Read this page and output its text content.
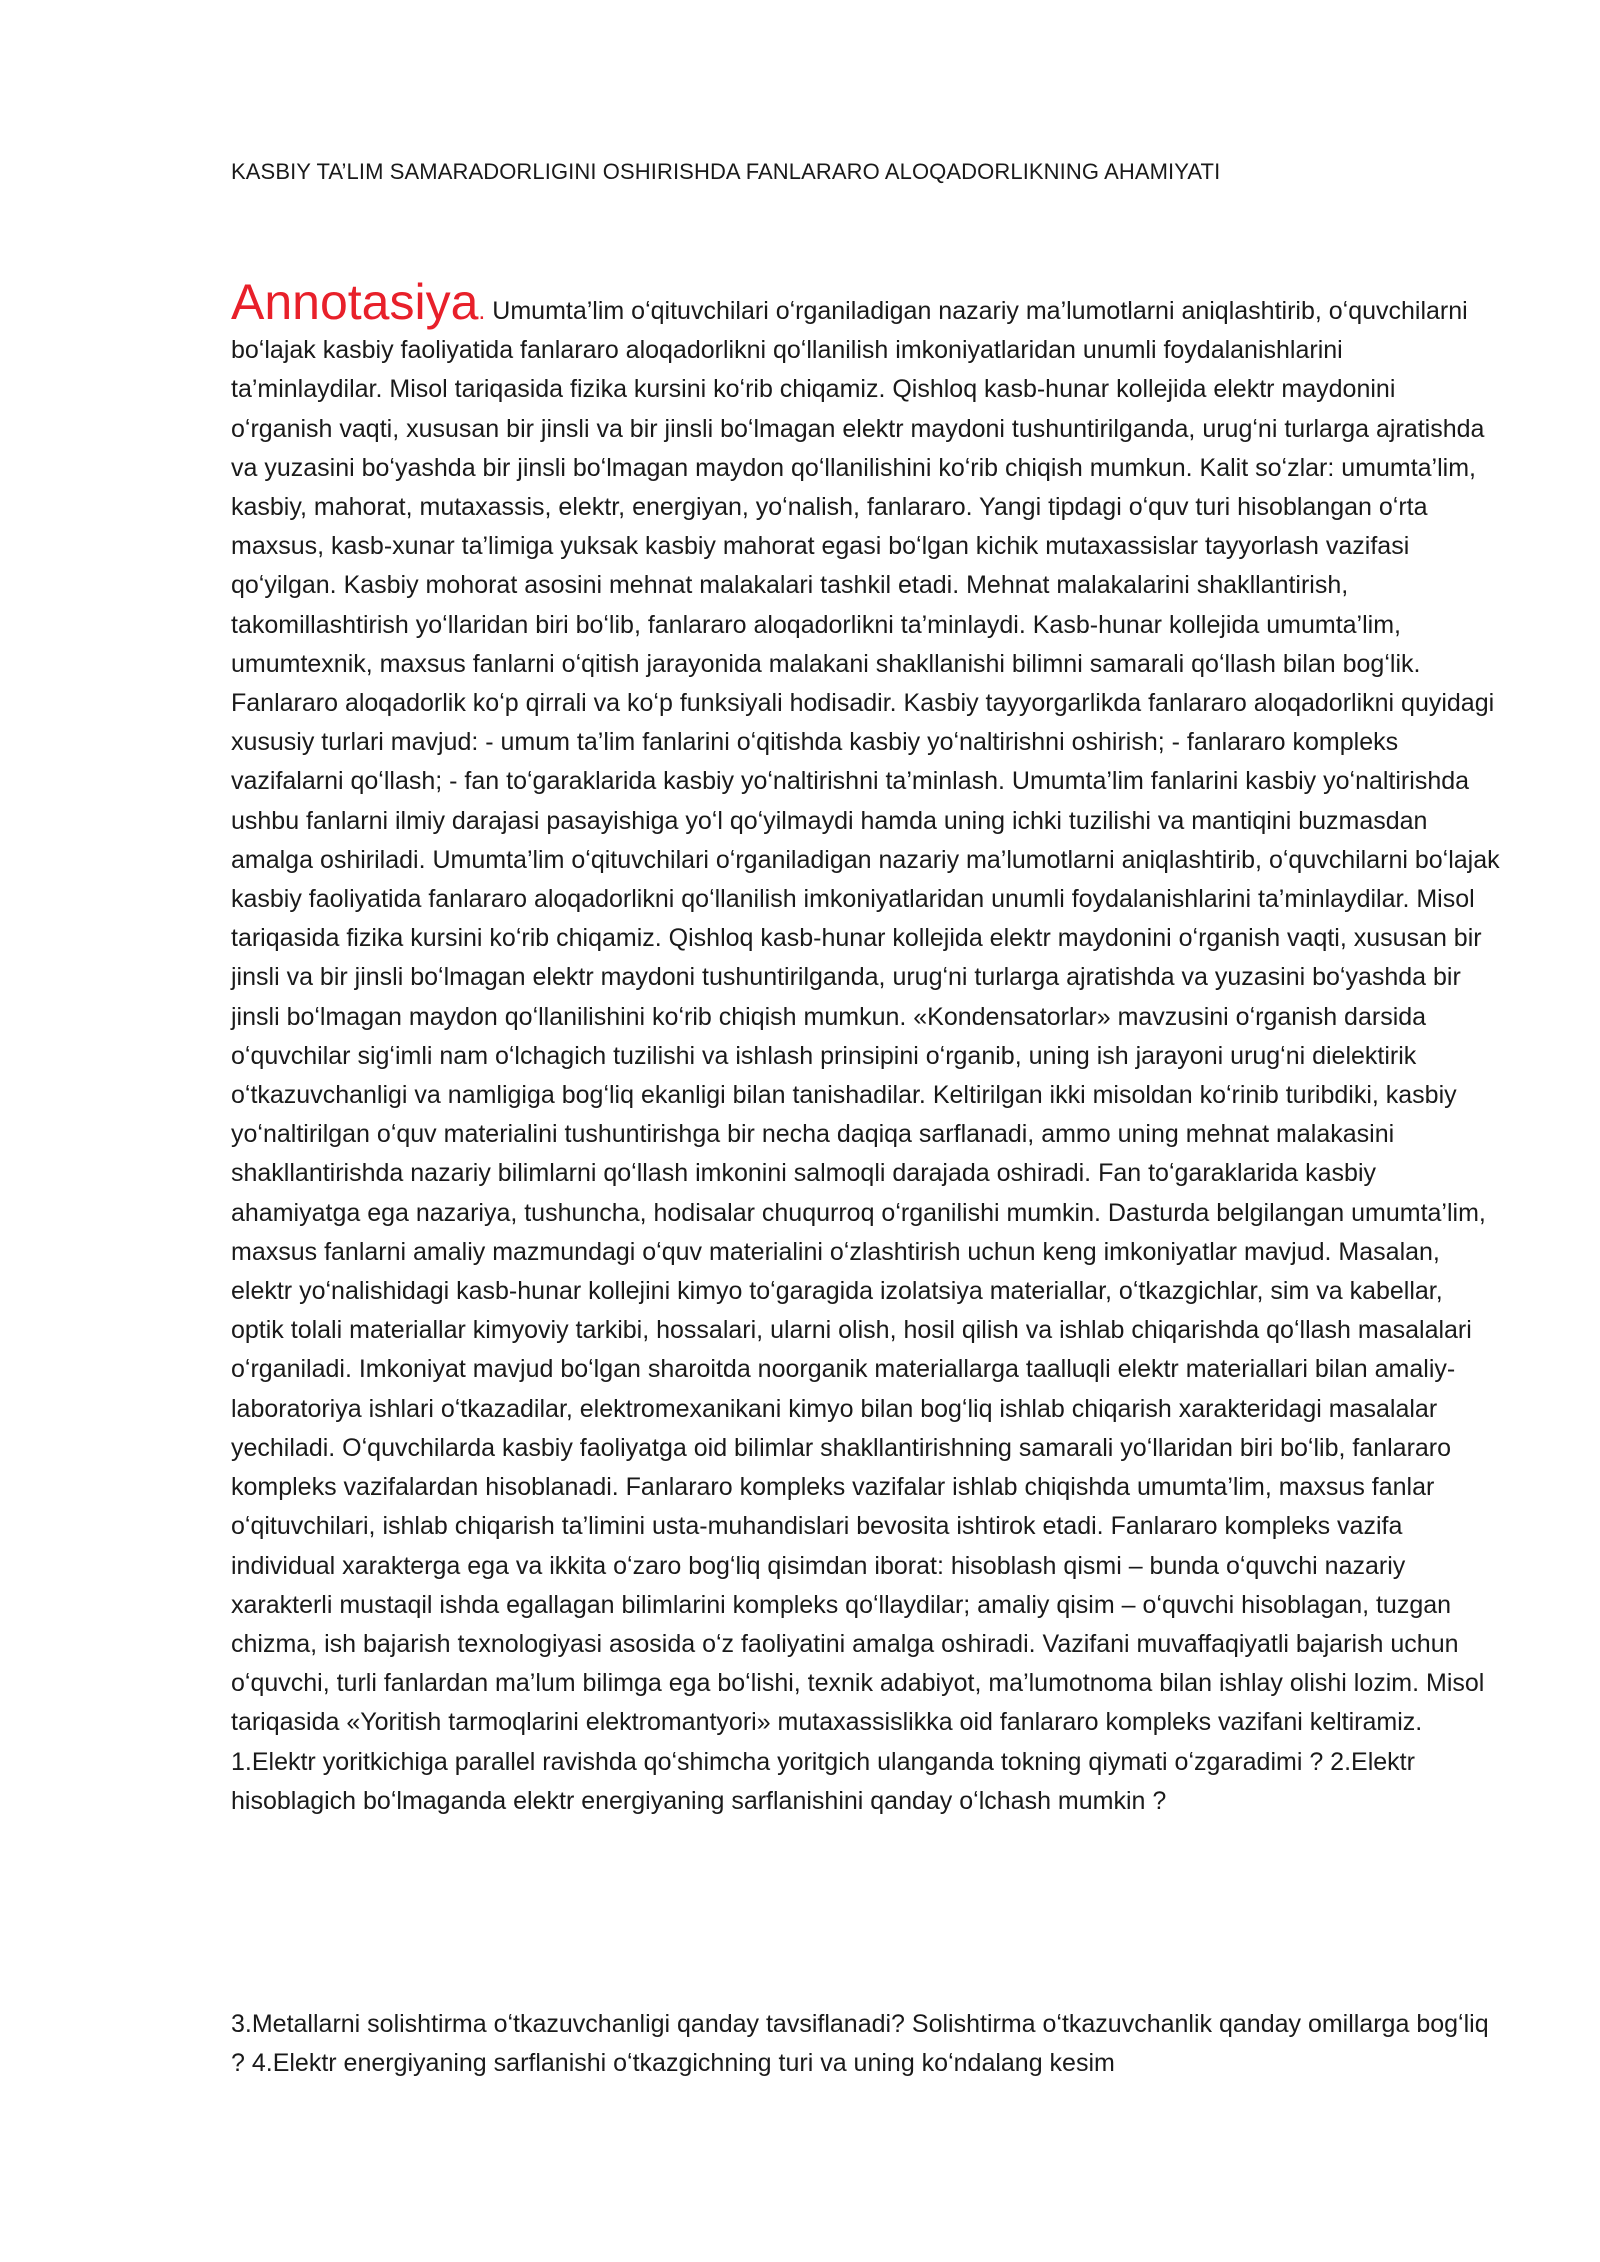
KASBIY TA’LIM SAMARADORLIGINI OSHIRISHDA FANLARARO ALOQADORLIKNING AHAMIYATI

Annotasiya. Umumta’lim oʻqituvchilari oʻrganiladigan nazariy ma’lumotlarni aniqlashtirib, oʻquvchilarni boʻlajak kasbiy faoliyatida fanlararo aloqadorlikni qoʻllanilish imkoniyatlaridan unumli foydalanishlarini ta’minlaydilar. Misol tariqasida fizika kursini koʻrib chiqamiz. Qishloq kasb-hunar kollejida elektr maydonini oʻrganish vaqti, xususan bir jinsli va bir jinsli boʻlmagan elektr maydoni tushuntirilganda, urugʻni turlarga ajratishda va yuzasini boʻyashda bir jinsli boʻlmagan maydon qoʻllanilishini koʻrib chiqish mumkun. Kalit soʻzlar: umumta’lim, kasbiy, mahorat, mutaxassis, elektr, energiyan, yoʻnalish, fanlararo. Yangi tipdagi oʻquv turi hisoblangan oʻrta maxsus, kasb-xunar ta’limiga yuksak kasbiy mahorat egasi boʻlgan kichik mutaxassislar tayyorlash vazifasi qoʻyilgan. Kasbiy mohorat asosini mehnat malakalari tashkil etadi. Mehnat malakalarini shakllantirish, takomillashtirish yoʻllaridan biri boʻlib, fanlararo aloqadorlikni ta’minlaydi. Kasb-hunar kollejida umumta’lim, umumtexnik, maxsus fanlarni oʻqitish jarayonida malakani shakllanishi bilimni samarali qoʻllash bilan bogʻlik. Fanlararo aloqadorlik koʻp qirrali va koʻp funksiyali hodisadir. Kasbiy tayyorgarlikda fanlararo aloqadorlikni quyidagi xususiy turlari mavjud: - umum ta’lim fanlarini oʻqitishda kasbiy yoʻnaltirishni oshirish; - fanlararo kompleks vazifalarni qoʻllash; - fan toʻgaraklarida kasbiy yoʻnaltirishni ta’minlash. Umumta’lim fanlarini kasbiy yoʻnaltirishda ushbu fanlarni ilmiy darajasi pasayishiga yoʻl qoʻyilmaydi hamda uning ichki tuzilishi va mantiqini buzmasdan amalga oshiriladi. Umumta’lim oʻqituvchilari oʻrganiladigan nazariy ma’lumotlarni aniqlashtirib, oʻquvchilarni boʻlajak kasbiy faoliyatida fanlararo aloqadorlikni qoʻllanilish imkoniyatlaridan unumli foydalanishlarini ta’minlaydilar. Misol tariqasida fizika kursini koʻrib chiqamiz. Qishloq kasb-hunar kollejida elektr maydonini oʻrganish vaqti, xususan bir jinsli va bir jinsli boʻlmagan elektr maydoni tushuntirilganda, urugʻni turlarga ajratishda va yuzasini boʻyashda bir jinsli boʻlmagan maydon qoʻllanilishini koʻrib chiqish mumkun. «Kondensatorlar» mavzusini oʻrganish darsida oʻquvchilar sigʻimli nam oʻlchagich tuzilishi va ishlash prinsipini oʻrganib, uning ish jarayoni urugʻni dielektirik oʻtkazuvchanligi va namligiga bogʻliq ekanligi bilan tanishadilar. Keltirilgan ikki misoldan koʻrinib turibdiki, kasbiy yoʻnaltirilgan oʻquv materialini tushuntirishga bir necha daqiqa sarflanadi, ammo uning mehnat malakasini shakllantirishda nazariy bilimlarni qoʻllash imkonini salmoqli darajada oshiradi. Fan toʻgaraklarida kasbiy ahamiyatga ega nazariya, tushuncha, hodisalar chuqurroq oʻrganilishi mumkin. Dasturda belgilangan umumta’lim, maxsus fanlarni amaliy mazmundagi oʻquv materialini oʻzlashtirish uchun keng imkoniyatlar mavjud. Masalan, elektr yoʻnalishidagi kasb-hunar kollejini kimyo toʻgaragida izolatsiya materiallar, oʻtkazgichlar, sim va kabellar, optik tolali materiallar kimyoviy tarkibi, hossalari, ularni olish, hosil qilish va ishlab chiqarishda qoʻllash masalalari oʻrganiladi. Imkoniyat mavjud boʻlgan sharoitda noorganik materiallarga taalluqli elektr materiallari bilan amaliy-laboratoriya ishlari oʻtkazadilar, elektromexanikani kimyo bilan bogʻliq ishlab chiqarish xarakteridagi masalalar yechiladi. Oʻquvchilarda kasbiy faoliyatga oid bilimlar shakllantirishning samarali yoʻllaridan biri boʻlib, fanlararo kompleks vazifalardan hisoblanadi. Fanlararo kompleks vazifalar ishlab chiqishda umumta’lim, maxsus fanlar oʻqituvchilari, ishlab chiqarish ta’limini usta-muhandislari bevosita ishtirok etadi. Fanlararo kompleks vazifa individual xarakterga ega va ikkita oʻzaro bogʻliq qisimdan iborat: hisoblash qismi – bunda oʻquvchi nazariy xarakterli mustaqil ishda egallagan bilimlarini kompleks qoʻllaydilar; amaliy qisim – oʻquvchi hisoblagan, tuzgan chizma, ish bajarish texnologiyasi asosida oʻz faoliyatini amalga oshiradi. Vazifani muvaffaqiyatli bajarish uchun oʻquvchi, turli fanlardan ma’lum bilimga ega boʻlishi, texnik adabiyot, ma’lumotnoma bilan ishlay olishi lozim. Misol tariqasida «Yoritish tarmoqlarini elektromantyori» mutaxassislikka oid fanlararo kompleks vazifani keltiramiz. 1.Elektr yoritkichiga parallel ravishda qoʻshimcha yoritgich ulanganda tokning qiymati oʻzgaradimi ? 2.Elektr hisoblagich boʻlmaganda elektr energiyaning sarflanishini qanday oʻlchash mumkin ?

3.Metallarni solishtirma oʻtkazuvchanligi qanday tavsiflanadi? Solishtirma oʻtkazuvchanlik qanday omillarga bogʻliq ? 4.Elektr energiyaning sarflanishi oʻtkazgichning turi va uning koʻndalang kesim
